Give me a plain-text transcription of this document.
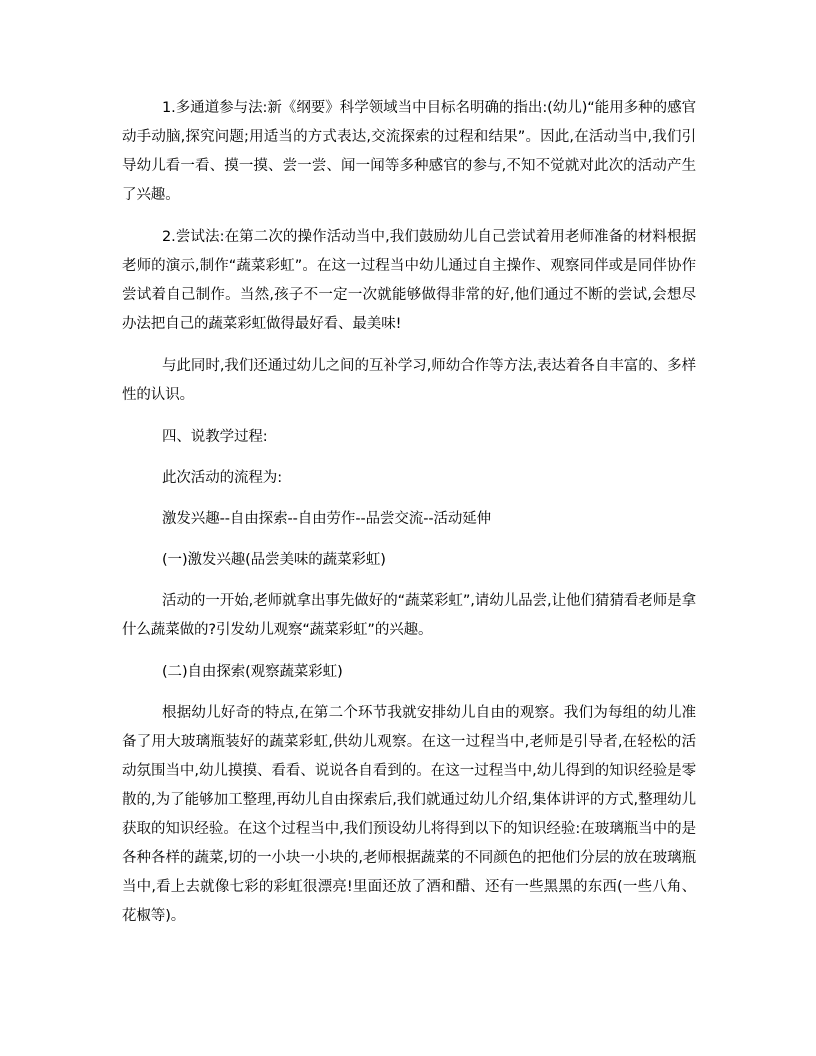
1.多通道参与法:新《纲要》科学领域当中目标名明确的指出:(幼儿)“能用多种的感官动手动脑,探究问题;用适当的方式表达,交流探索的过程和结果”。因此,在活动当中,我们引导幼儿看一看、摸一摸、尝一尝、闻一闻等多种感官的参与,不知不觉就对此次的活动产生了兴趣。

2.尝试法:在第二次的操作活动当中,我们鼓励幼儿自己尝试着用老师准备的材料根据老师的演示,制作“蔬菜彩虹”。在这一过程当中幼儿通过自主操作、观察同伴或是同伴协作尝试着自己制作。当然,孩子不一定一次就能够做得非常的好,他们通过不断的尝试,会想尽办法把自己的蔬菜彩虹做得最好看、最美味!

与此同时,我们还通过幼儿之间的互补学习,师幼合作等方法,表达着各自丰富的、多样性的认识。

四、说教学过程:

此次活动的流程为:

激发兴趣--自由探索--自由劳作--品尝交流--活动延伸

(一)激发兴趣(品尝美味的蔬菜彩虹)

活动的一开始,老师就拿出事先做好的“蔬菜彩虹”,请幼儿品尝,让他们猜猜看老师是拿什么蔬菜做的?引发幼儿观察“蔬菜彩虹”的兴趣。

(二)自由探索(观察蔬菜彩虹)

根据幼儿好奇的特点,在第二个环节我就安排幼儿自由的观察。我们为每组的幼儿准备了用大玻璃瓶装好的蔬菜彩虹,供幼儿观察。在这一过程当中,老师是引导者,在轻松的活动氛围当中,幼儿摸摸、看看、说说各自看到的。在这一过程当中,幼儿得到的知识经验是零散的,为了能够加工整理,再幼儿自由探索后,我们就通过幼儿介绍,集体讲评的方式,整理幼儿获取的知识经验。在这个过程当中,我们预设幼儿将得到以下的知识经验:在玻璃瓶当中的是各种各样的蔬菜,切的一小块一小块的,老师根据蔬菜的不同颜色的把他们分层的放在玻璃瓶当中,看上去就像七彩的彩虹很漂亮!里面还放了酒和醋、还有一些黑黑的东西(一些八角、花椒等)。
